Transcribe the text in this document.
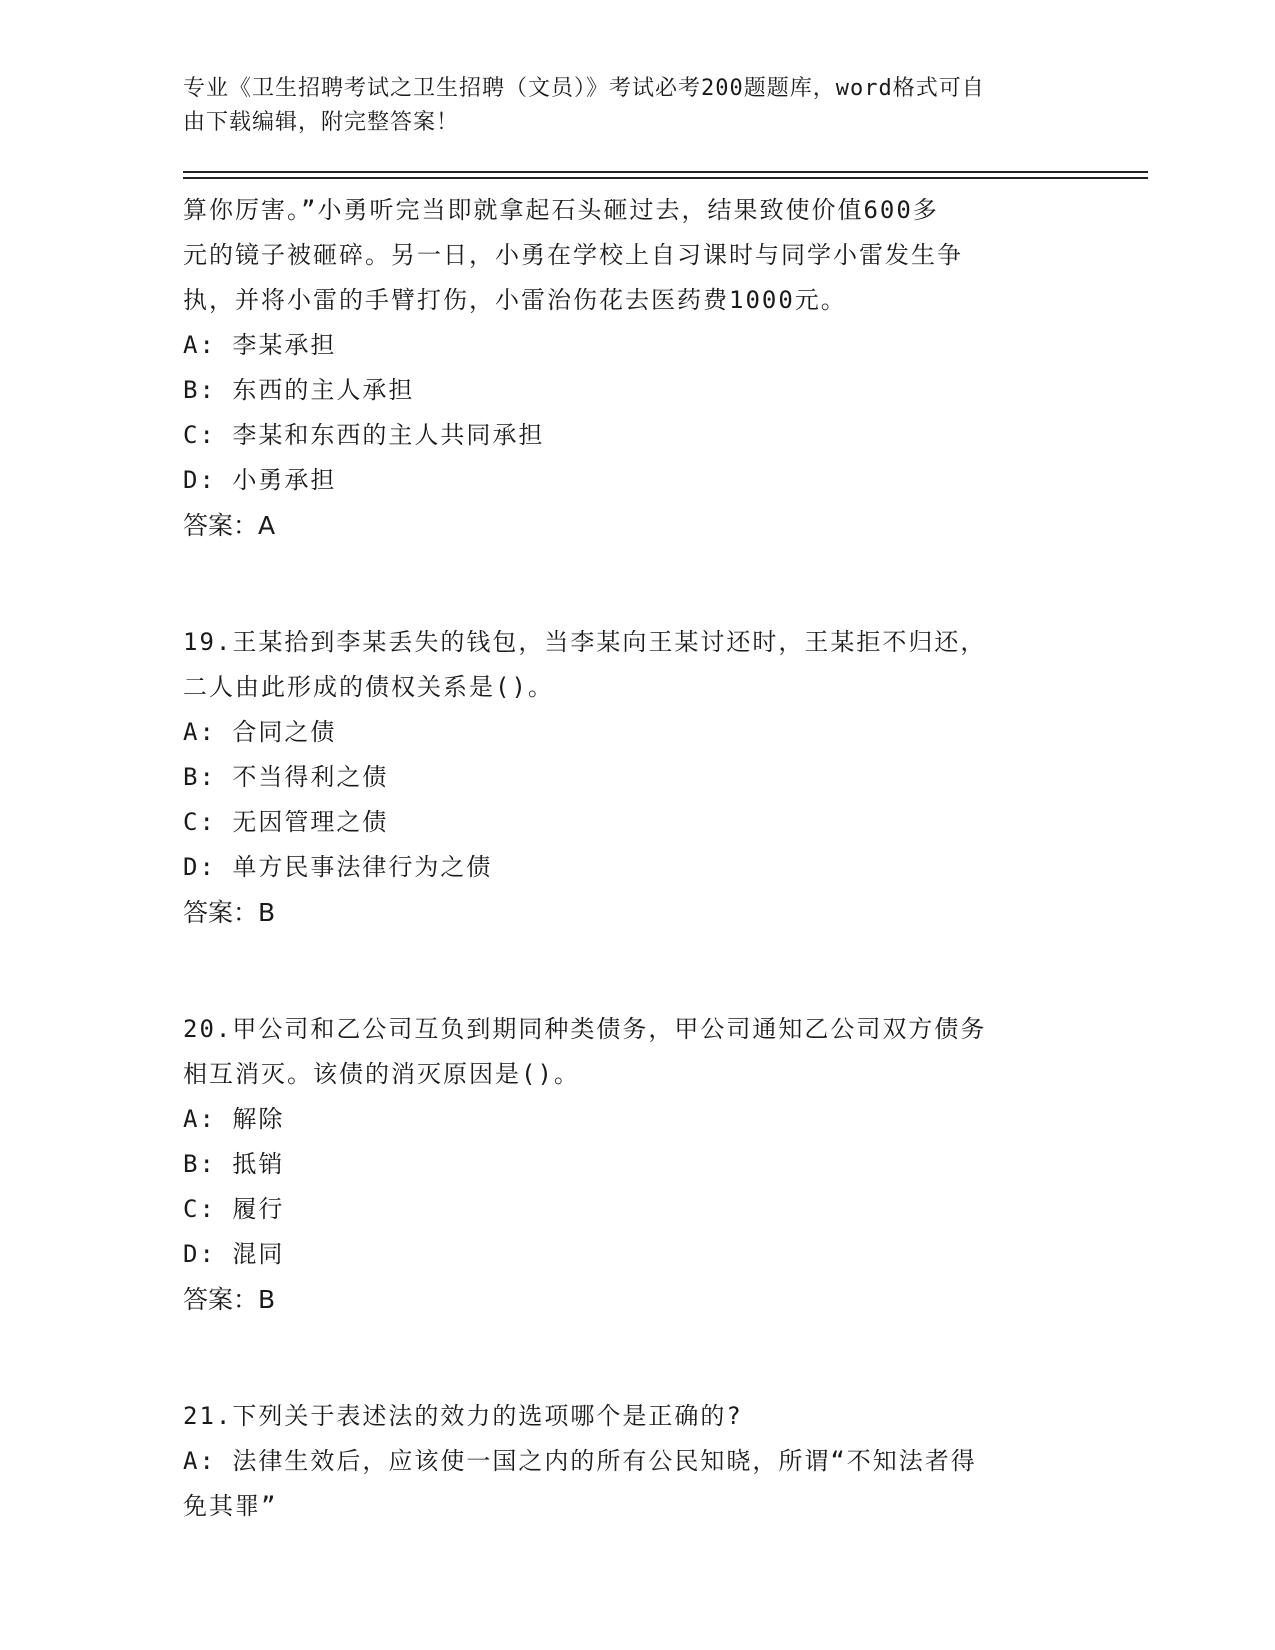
专业《卫生招聘考试之卫生招聘（文员）》考试必考200题题库，word格式可自
由下载编辑，附完整答案！
算你厉害。”小勇听完当即就拿起石头砸过去，结果致使价值600多
元的镜子被砸碎。另一日，小勇在学校上自习课时与同学小雷发生争
执，并将小雷的手臂打伤，小雷治伤花去医药费1000元。
A: 李某承担
B: 东西的主人承担
C: 李某和东西的主人共同承担
D: 小勇承担
答案：A
19.王某拾到李某丢失的钱包，当李某向王某讨还时，王某拒不归还，
二人由此形成的债权关系是()。
A: 合同之债
B: 不当得利之债
C: 无因管理之债
D: 单方民事法律行为之债
答案：B
20.甲公司和乙公司互负到期同种类债务，甲公司通知乙公司双方债务
相互消灭。该债的消灭原因是()。
A: 解除
B: 抵销
C: 履行
D: 混同
答案：B
21.下列关于表述法的效力的选项哪个是正确的?
A: 法律生效后，应该使一国之内的所有公民知晓，所谓“不知法者得
免其罪”
